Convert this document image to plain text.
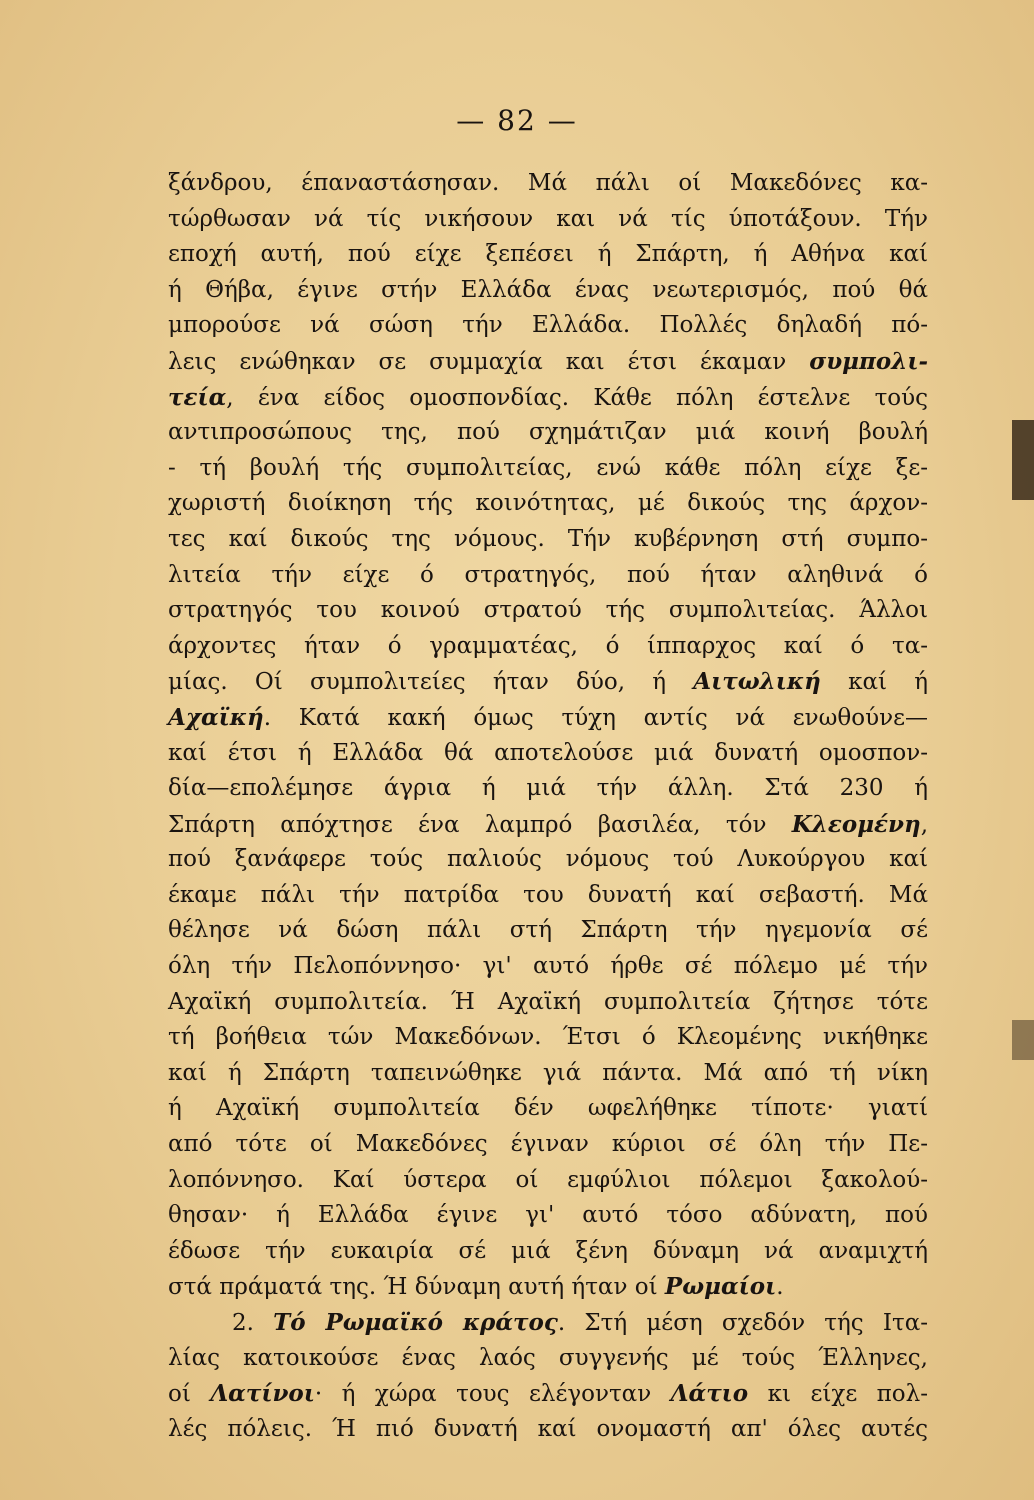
— 82 —
ξάνδρου, έπαναστάσησαν. Μά πάλι οί Μακεδόνες κα-
τώρθωσαν νά τίς νικήσουν και νά τίς ύποτάξουν. Τήν
εποχή αυτή, πού είχε ξεπέσει ή Σπάρτη, ή Αθήνα καί
ή Θήβα, έγινε στήν Ελλάδα ένας νεωτερισμός, πού θά
μπορούσε νά σώση τήν Ελλάδα. Πολλές δηλαδή πό-
λεις ενώθηκαν σε συμμαχία και έτσι έκαμαν συμπολι-
τεία, ένα είδος ομοσπονδίας. Κάθε πόλη έστελνε τούς
αντιπροσώπους της, πού σχημάτιζαν μιά κοινή βουλή
- τή βουλή τής συμπολιτείας, ενώ κάθε πόλη είχε ξε-
χωριστή διοίκηση τής κοινότητας, μέ δικούς της άρχον-
τες καί δικούς της νόμους. Τήν κυβέρνηση στή συμπο-
λιτεία τήν είχε ό στρατηγός, πού ήταν αληθινά ό
στρατηγός του κοινού στρατού τής συμπολιτείας. Άλλοι
άρχοντες ήταν ό γραμματέας, ό ίππαρχος καί ό τα-
μίας. Οί συμπολιτείες ήταν δύο, ή Αιτωλική καί ή
Αχαϊκή. Κατά κακή όμως τύχη αντίς νά ενωθούνε—
καί έτσι ή Ελλάδα θά αποτελούσε μιά δυνατή ομοσπον-
δία—επολέμησε άγρια ή μιά τήν άλλη. Στά 230 ή
Σπάρτη απόχτησε ένα λαμπρό βασιλέα, τόν Κλεομένη,
πού ξανάφερε τούς παλιούς νόμους τού Λυκούργου καί
έκαμε πάλι τήν πατρίδα του δυνατή καί σεβαστή. Μά
θέλησε νά δώση πάλι στή Σπάρτη τήν ηγεμονία σέ
όλη τήν Πελοπόννησο· γι' αυτό ήρθε σέ πόλεμο μέ τήν
Αχαϊκή συμπολιτεία. Ή Αχαϊκή συμπολιτεία ζήτησε τότε
τή βοήθεια τών Μακεδόνων. Έτσι ό Κλεομένης νικήθηκε
καί ή Σπάρτη ταπεινώθηκε γιά πάντα. Μά από τή νίκη
ή Αχαϊκή συμπολιτεία δέν ωφελήθηκε τίποτε· γιατί
από τότε οί Μακεδόνες έγιναν κύριοι σέ όλη τήν Πε-
λοπόννησο. Καί ύστερα οί εμφύλιοι πόλεμοι ξακολού-
θησαν· ή Ελλάδα έγινε γι' αυτό τόσο αδύνατη, πού
έδωσε τήν ευκαιρία σέ μιά ξένη δύναμη νά αναμιχτή
στά πράματά της. Ή δύναμη αυτή ήταν οί Ρωμαίοι.
2. Τό Ρωμαϊκό κράτος. Στή μέση σχεδόν τής Ιτα-
λίας κατοικούσε ένας λαός συγγενής μέ τούς Έλληνες,
οί Λατίνοι· ή χώρα τους ελέγονταν Λάτιο κι είχε πολ-
λές πόλεις. Ή πιό δυνατή καί ονομαστή απ' όλες αυτές
